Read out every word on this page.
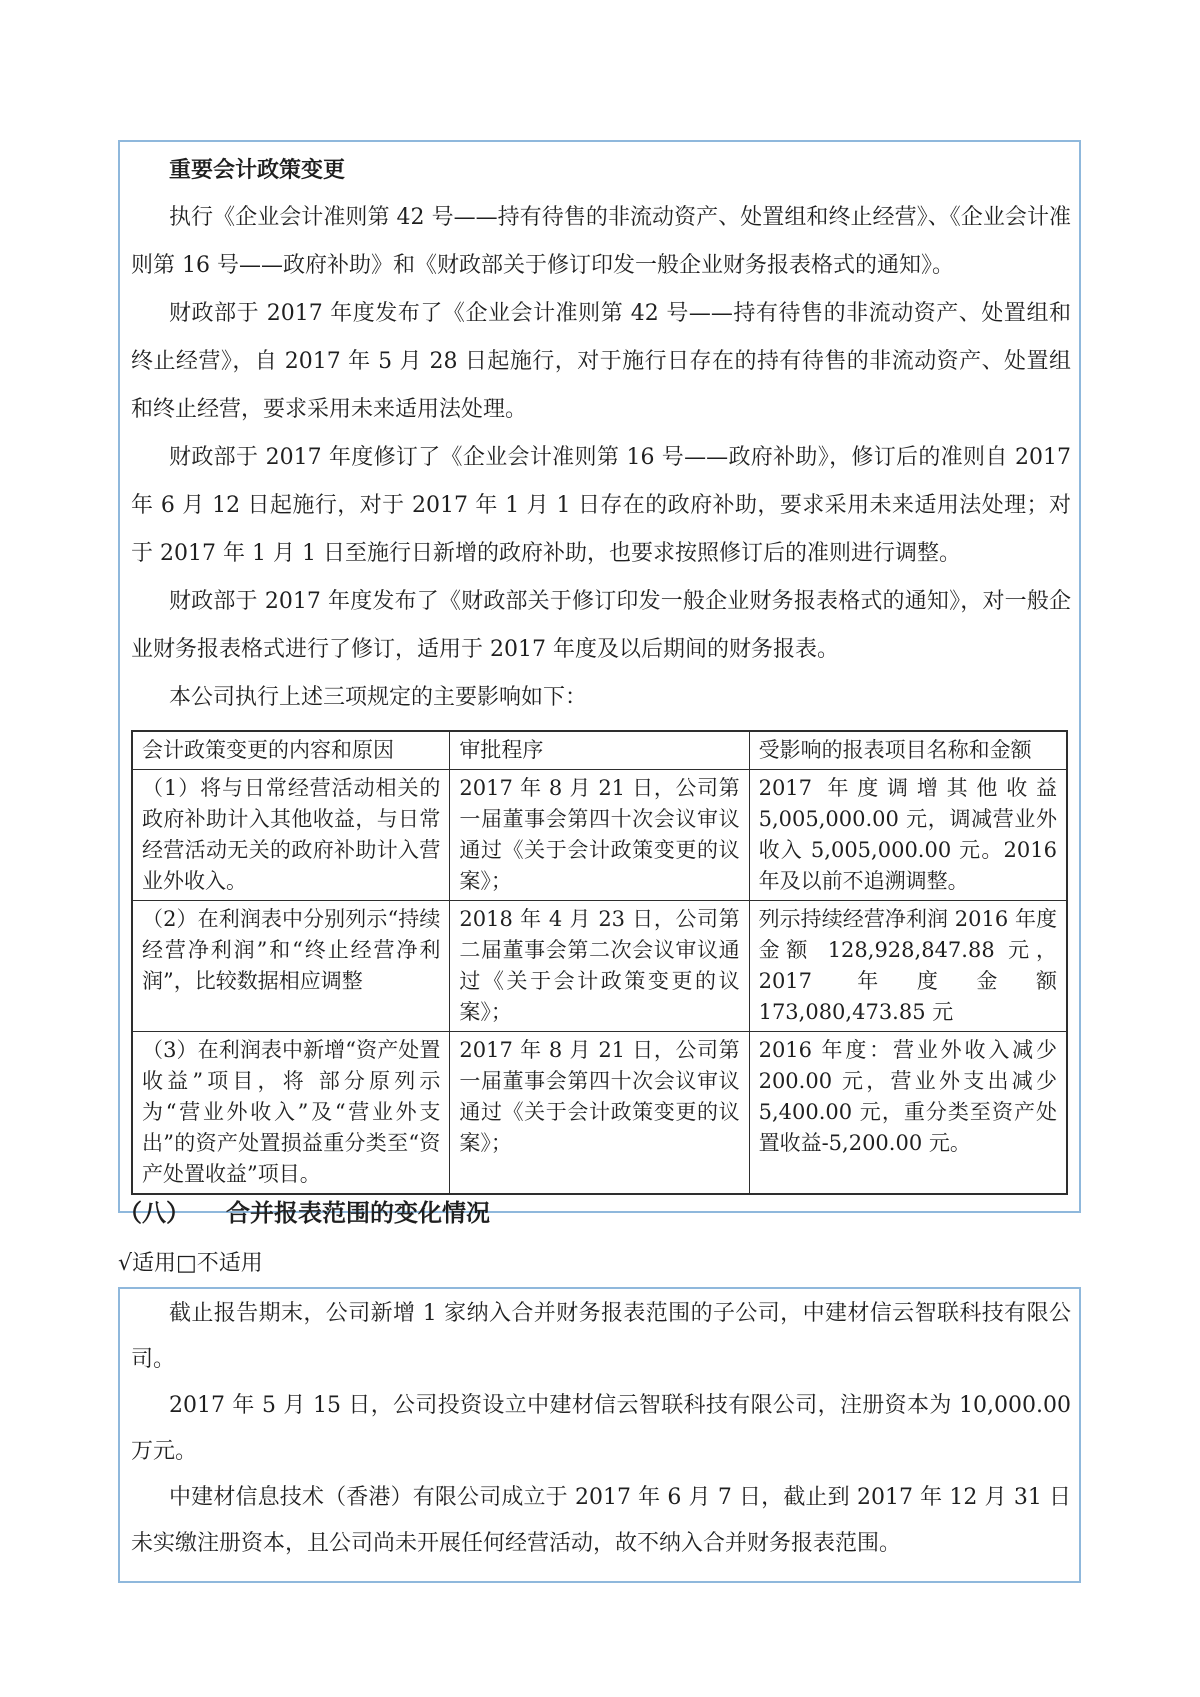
重要会计政策变更

执行《企业会计准则第 42 号——持有待售的非流动资产、处置组和终止经营》、《企业会计准则第 16 号——政府补助》和《财政部关于修订印发一般企业财务报表格式的通知》。

财政部于 2017 年度发布了《企业会计准则第 42 号——持有待售的非流动资产、处置组和终止经营》，自 2017 年 5 月 28 日起施行，对于施行日存在的持有待售的非流动资产、处置组和终止经营，要求采用未来适用法处理。

财政部于 2017 年度修订了《企业会计准则第 16 号——政府补助》，修订后的准则自 2017 年 6 月 12 日起施行，对于 2017 年 1 月 1 日存在的政府补助，要求采用未来适用法处理；对于 2017 年 1 月 1 日至施行日新增的政府补助，也要求按照修订后的准则进行调整。

财政部于 2017 年度发布了《财政部关于修订印发一般企业财务报表格式的通知》，对一般企业财务报表格式进行了修订，适用于 2017 年度及以后期间的财务报表。

本公司执行上述三项规定的主要影响如下：

会计政策变更的内容和原因	审批程序	受影响的报表项目名称和金额
（1）将与日常经营活动相关的政府补助计入其他收益，与日常经营活动无关的政府补助计入营业外收入。	2017 年 8 月 21 日，公司第一届董事会第四十次会议审议通过《关于会计政策变更的议案》；	2017 年度调增其他收益 5,005,000.00 元，调减营业外收入 5,005,000.00 元。2016 年及以前不追溯调整。
（2）在利润表中分别列示“持续经营净利润”和“终止经营净利润”，比较数据相应调整	2018 年 4 月 23 日，公司第二届董事会第二次会议审议通过《关于会计政策变更的议案》；	列示持续经营净利润 2016 年度金额 128,928,847.88 元，2017 年度金额 173,080,473.85 元
（3）在利润表中新增“资产处置收益”项目，将 部分原列示为“营业外收入”及“营业外支出”的资产处置损益重分类至“资产处置收益”项目。	2017 年 8 月 21 日，公司第一届董事会第四十次会议审议通过《关于会计政策变更的议案》；	2016 年度：营业外收入减少 200.00 元，营业外支出减少 5,400.00 元，重分类至资产处置收益-5,200.00 元。
（八） 合并报表范围的变化情况
√适用□不适用

截止报告期末，公司新增 1 家纳入合并财务报表范围的子公司，中建材信云智联科技有限公司。

2017 年 5 月 15 日，公司投资设立中建材信云智联科技有限公司，注册资本为 10,000.00 万元。

中建材信息技术（香港）有限公司成立于 2017 年 6 月 7 日，截止到 2017 年 12 月 31 日未实缴注册资本，且公司尚未开展任何经营活动，故不纳入合并财务报表范围。
